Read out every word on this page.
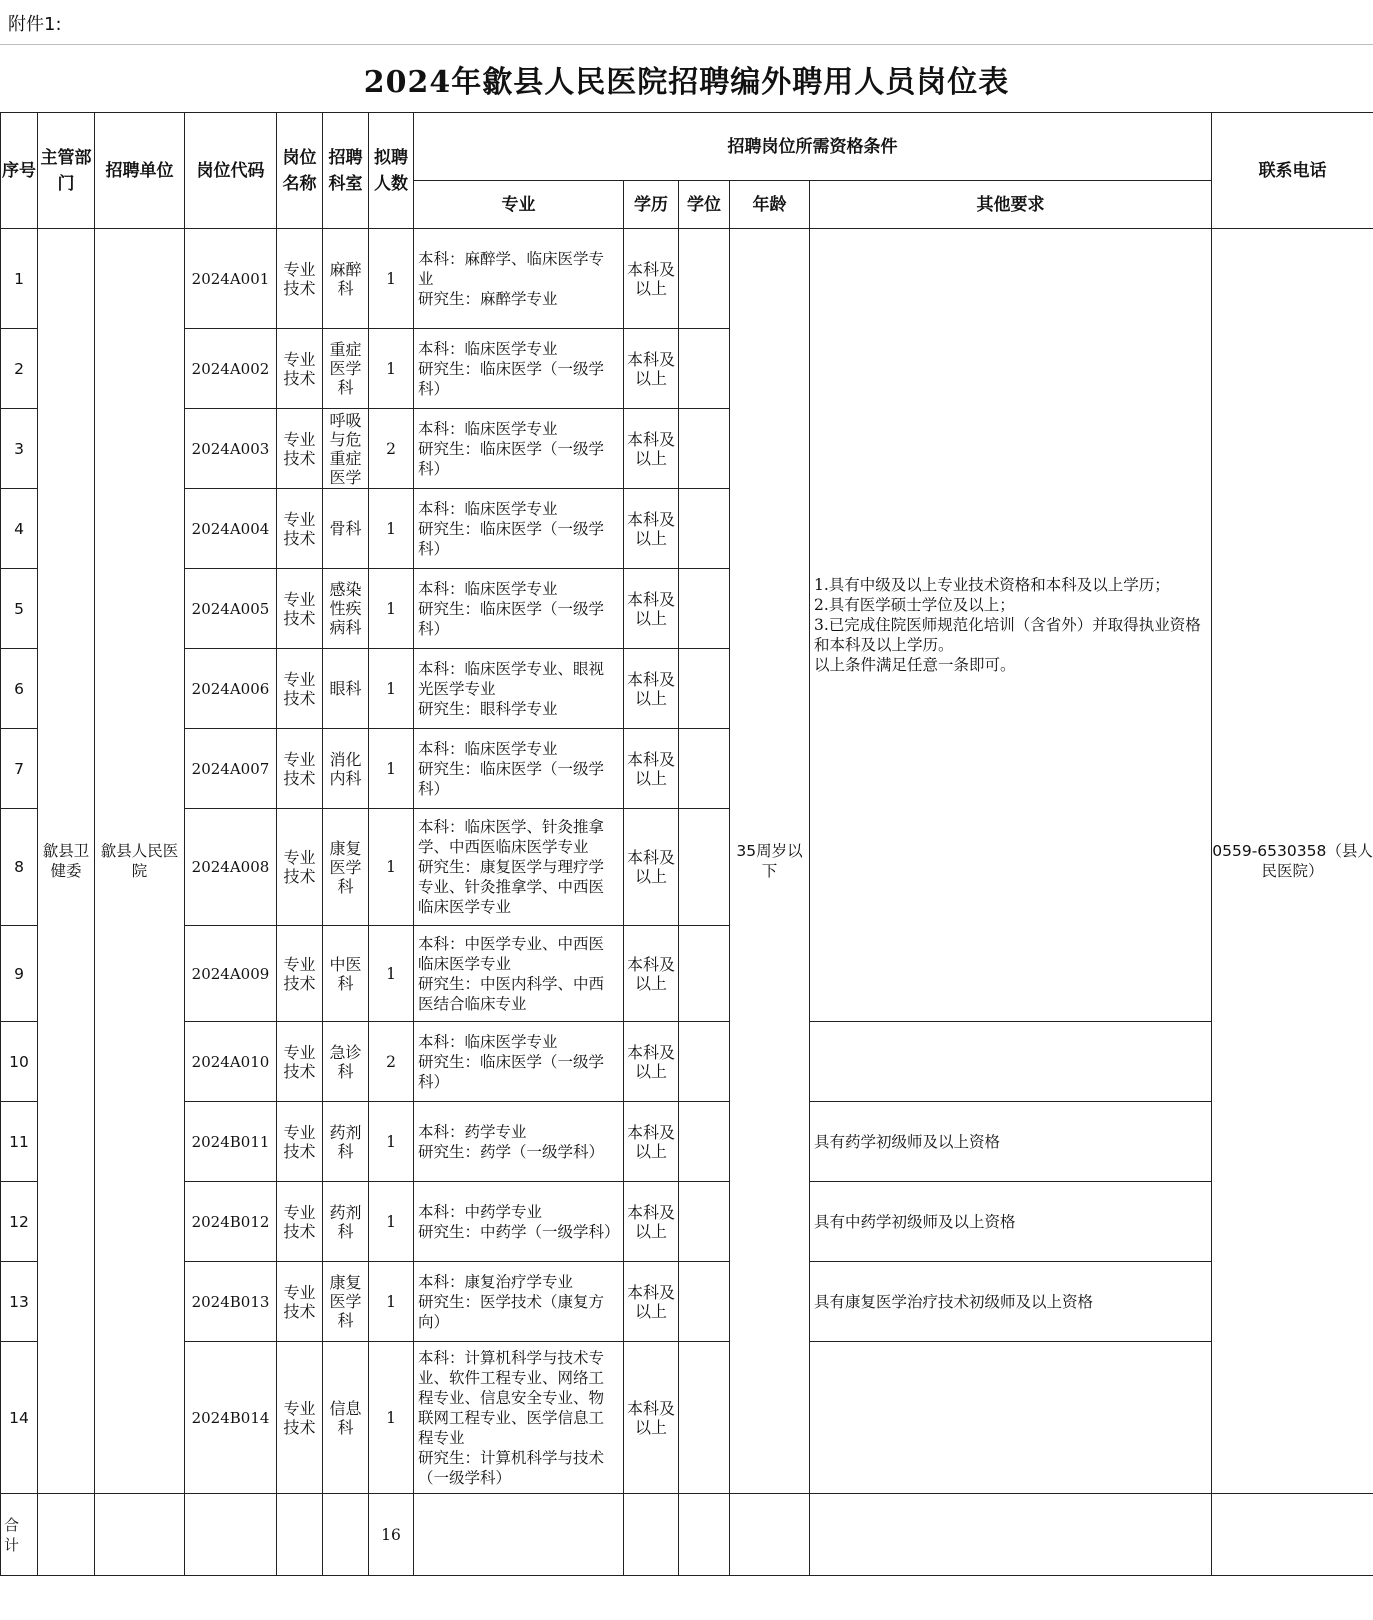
附件1:
2024年歙县人民医院招聘编外聘用人员岗位表
序号	主管部门	招聘单位	岗位代码	岗位名称	招聘科室	拟聘人数	招聘岗位所需资格条件					联系电话
							专业	学历	学位	年龄	其他要求	
1	歙县卫健委	歙县人民医院	2024A001	专业技术	麻醉科	1	本科：麻醉学、临床医学专业
研究生：麻醉学专业	本科及以上		35周岁以下	1.具有中级及以上专业技术资格和本科及以上学历；
2.具有医学硕士学位及以上；
3.已完成住院医师规范化培训（含省外）并取得执业资格和本科及以上学历。
以上条件满足任意一条即可。	0559-6530358（县人民医院）
2			2024A002	专业技术	重症医学科	1	本科：临床医学专业
研究生：临床医学（一级学科）	本科及以上				
3			2024A003	专业技术	呼吸与危重症医学	2	本科：临床医学专业
研究生：临床医学（一级学科）	本科及以上				
4			2024A004	专业技术	骨科	1	本科：临床医学专业
研究生：临床医学（一级学科）	本科及以上				
5			2024A005	专业技术	感染性疾病科	1	本科：临床医学专业
研究生：临床医学（一级学科）	本科及以上				
6			2024A006	专业技术	眼科	1	本科：临床医学专业、眼视光医学专业
研究生：眼科学专业	本科及以上				
7			2024A007	专业技术	消化内科	1	本科：临床医学专业
研究生：临床医学（一级学科）	本科及以上				
8			2024A008	专业技术	康复医学科	1	本科：临床医学、针灸推拿学、中西医临床医学专业
研究生：康复医学与理疗学专业、针灸推拿学、中西医临床医学专业	本科及以上				
9			2024A009	专业技术	中医科	1	本科：中医学专业、中西医临床医学专业
研究生：中医内科学、中西医结合临床专业	本科及以上				
10			2024A010	专业技术	急诊科	2	本科：临床医学专业
研究生：临床医学（一级学科）	本科及以上				
11			2024B011	专业技术	药剂科	1	本科：药学专业
研究生：药学（一级学科）	本科及以上			具有药学初级师及以上资格	
12			2024B012	专业技术	药剂科	1	本科：中药学专业
研究生：中药学（一级学科）	本科及以上			具有中药学初级师及以上资格	
13			2024B013	专业技术	康复医学科	1	本科：康复治疗学专业
研究生：医学技术（康复方向）	本科及以上			具有康复医学治疗技术初级师及以上资格	
14			2024B014	专业技术	信息科	1	本科：计算机科学与技术专业、软件工程专业、网络工程专业、信息安全专业、物联网工程专业、医学信息工程专业
研究生：计算机科学与技术（一级学科）	本科及以上				
合
计						16						
